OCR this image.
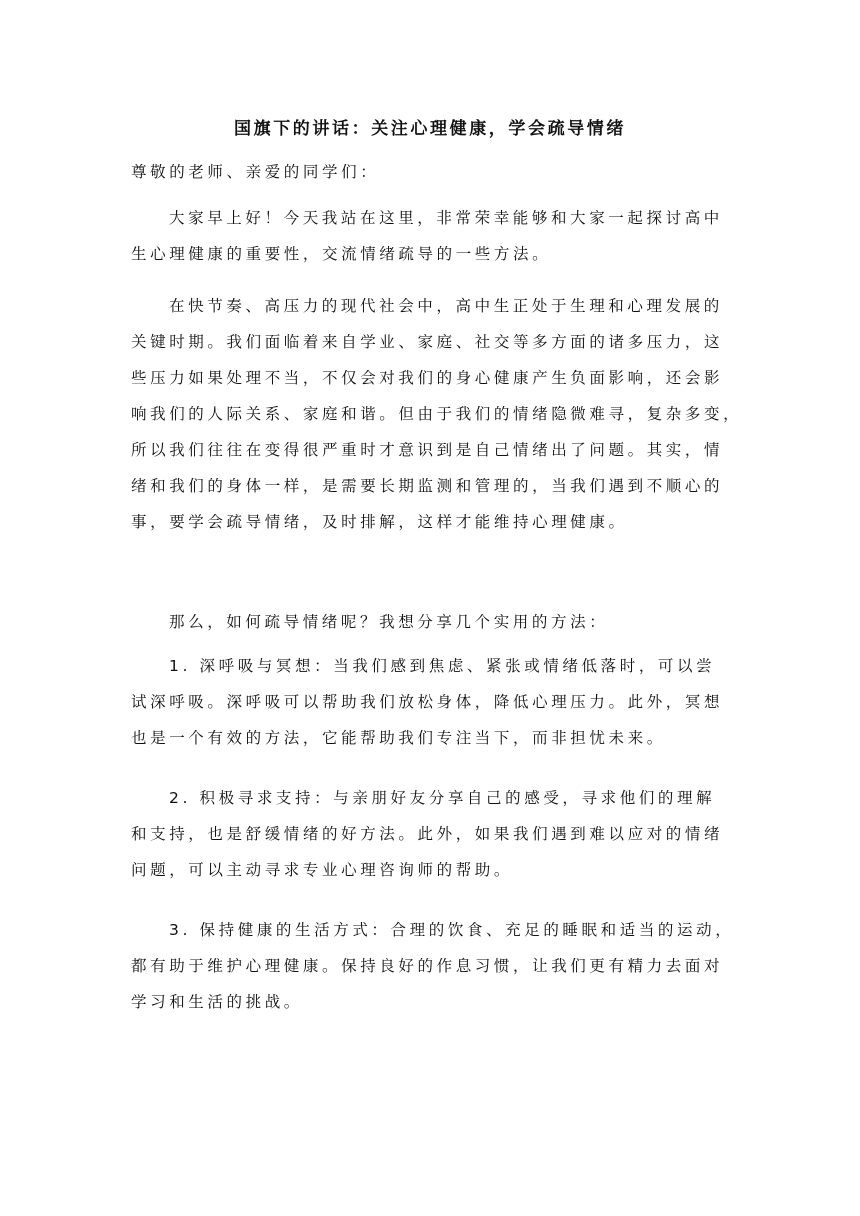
国旗下的讲话：关注心理健康，学会疏导情绪
尊敬的老师、亲爱的同学们：
大家早上好！今天我站在这里，非常荣幸能够和大家一起探讨高中
生心理健康的重要性，交流情绪疏导的一些方法。
在快节奏、高压力的现代社会中，高中生正处于生理和心理发展的
关键时期。我们面临着来自学业、家庭、社交等多方面的诸多压力，这
些压力如果处理不当，不仅会对我们的身心健康产生负面影响，还会影
响我们的人际关系、家庭和谐。但由于我们的情绪隐微难寻，复杂多变，
所以我们往往在变得很严重时才意识到是自己情绪出了问题。其实，情
绪和我们的身体一样，是需要长期监测和管理的，当我们遇到不顺心的
事，要学会疏导情绪，及时排解，这样才能维持心理健康。
那么，如何疏导情绪呢？我想分享几个实用的方法：
1. 深呼吸与冥想：当我们感到焦虑、紧张或情绪低落时，可以尝
试深呼吸。深呼吸可以帮助我们放松身体，降低心理压力。此外，冥想
也是一个有效的方法，它能帮助我们专注当下，而非担忧未来。
2. 积极寻求支持：与亲朋好友分享自己的感受，寻求他们的理解
和支持，也是舒缓情绪的好方法。此外，如果我们遇到难以应对的情绪
问题，可以主动寻求专业心理咨询师的帮助。
3. 保持健康的生活方式：合理的饮食、充足的睡眠和适当的运动，
都有助于维护心理健康。保持良好的作息习惯，让我们更有精力去面对
学习和生活的挑战。
